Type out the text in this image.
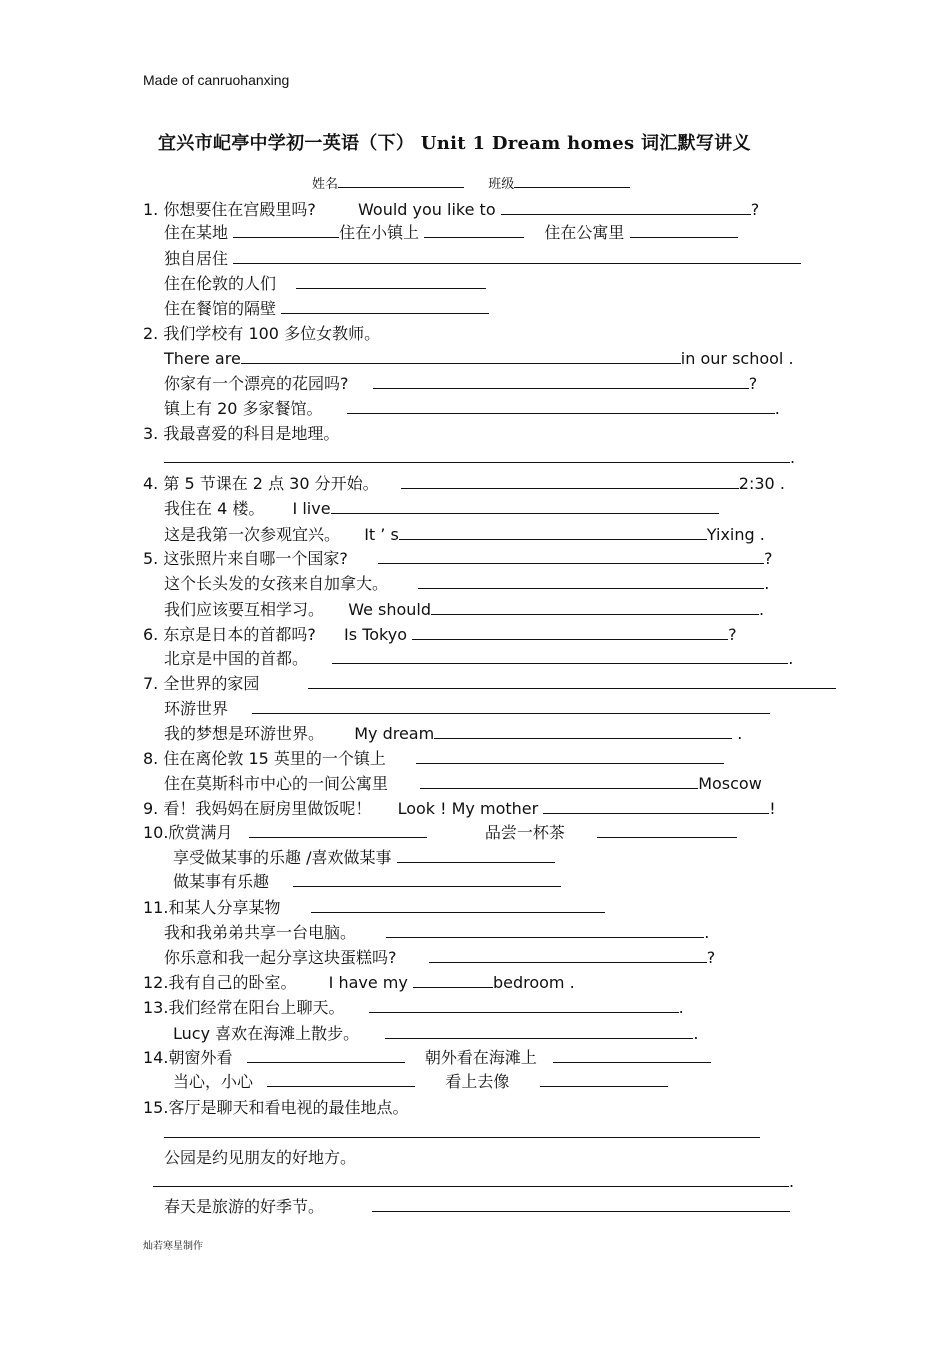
Made of canruohanxing
宜兴市屺亭中学初一英语（下） Unit 1 Dream homes 词汇默写讲义
姓名	班级
1. 你想要住在宫殿里吗?	Would you like to	?
住在某地	住在小镇上	住在公寓里
独自居住
住在伦敦的人们
住在餐馆的隔壁
2. 我们学校有 100 多位女教师。
There are	in our school .
你家有一个漂亮的花园吗?	?
镇上有 20 多家餐馆。	.
3. 我最喜爱的科目是地理。
.
4. 第 5 节课在 2 点 30 分开始。	2:30 .
我住在 4 楼。 I live
这是我第一次参观宜兴。 It ’ s	Yixing .
5. 这张照片来自哪一个国家?	?
这个长头发的女孩来自加拿大。	.
我们应该要互相学习。 We should	.
6. 东京是日本的首都吗? Is Tokyo	?
北京是中国的首都。	.
7. 全世界的家园
环游世界
我的梦想是环游世界。 My dream	.
8. 住在离伦敦 15 英里的一个镇上
住在莫斯科市中心的一间公寓里	Moscow
9. 看！我妈妈在厨房里做饭呢！ Look ! My mother	!
10.欣赏满月	品尝一杯茶
享受做某事的乐趣 /喜欢做某事
做某事有乐趣
11.和某人分享某物
我和我弟弟共享一台电脑。	.
你乐意和我一起分享这块蛋糕吗?	?
12.我有自己的卧室。 I have my	bedroom .
13.我们经常在阳台上聊天。	.
Lucy 喜欢在海滩上散步。	.
14.朝窗外看	朝外看在海滩上
当心，小心	看上去像
15.客厅是聊天和看电视的最佳地点。
公园是约见朋友的好地方。
.
春天是旅游的好季节。
灿若寒星制作
